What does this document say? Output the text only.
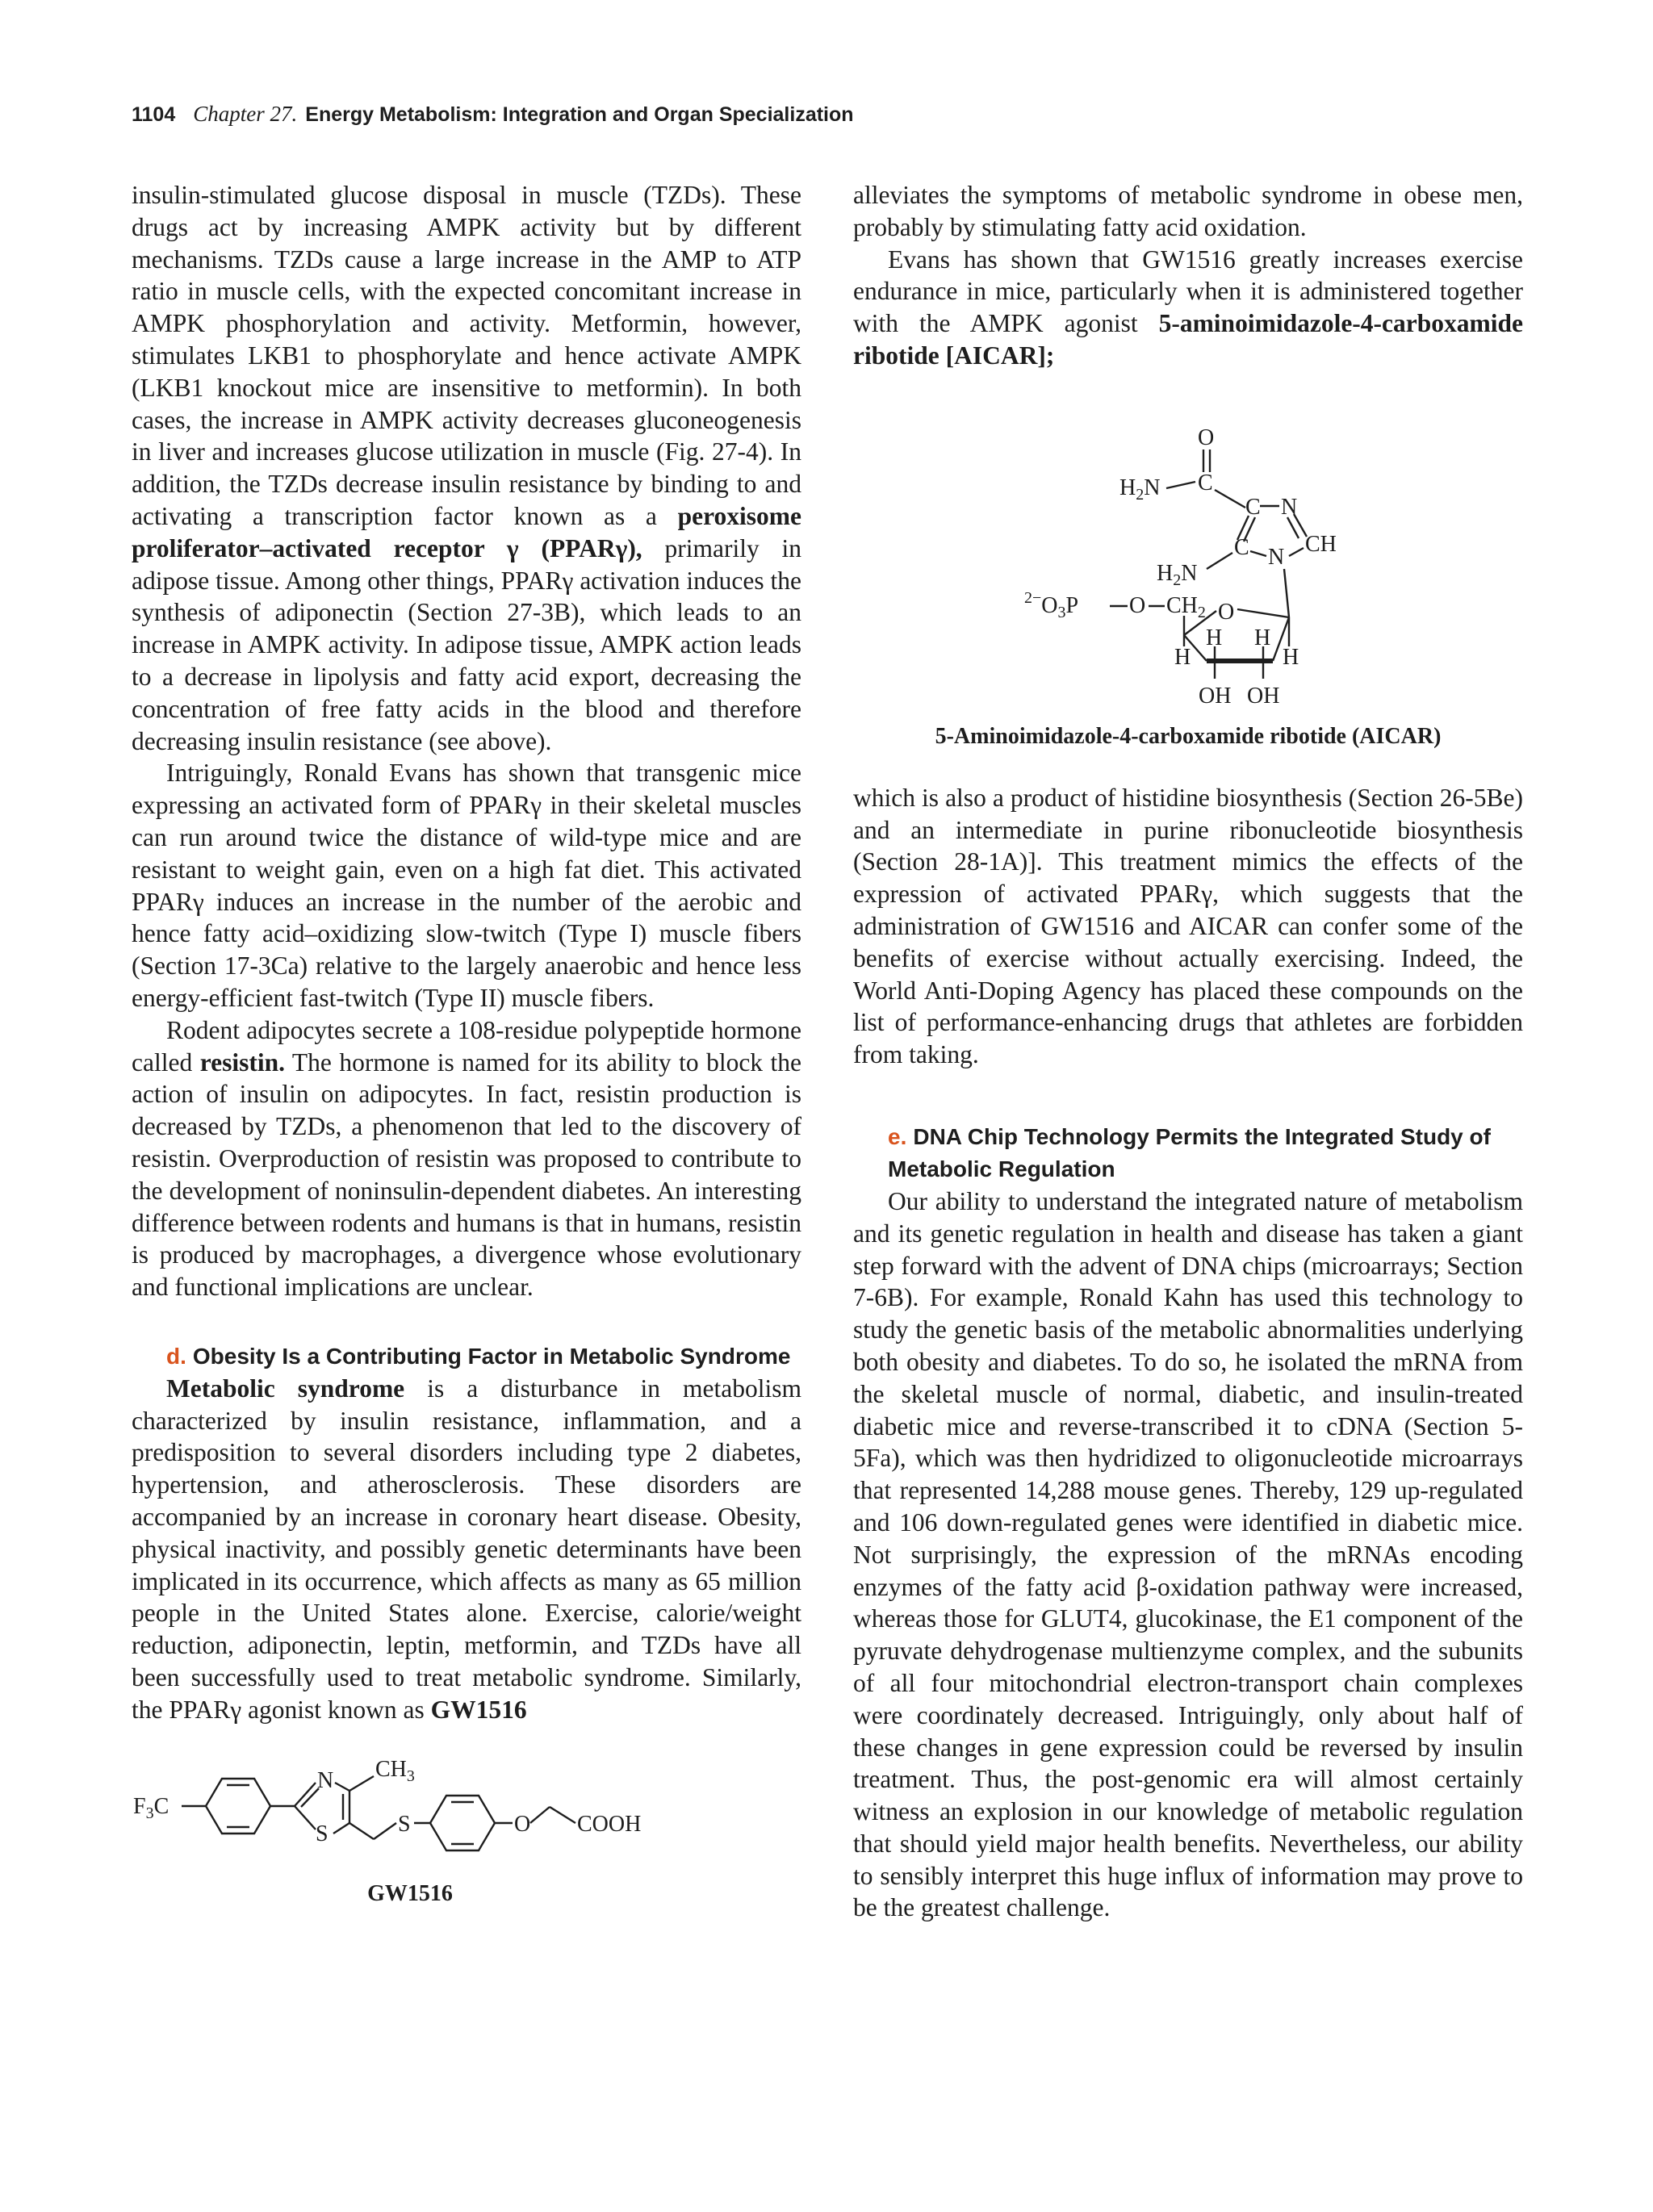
1104 Chapter 27. Energy Metabolism: Integration and Organ Specialization

insulin-stimulated glucose disposal in muscle (TZDs). These drugs act by increasing AMPK activity but by different mechanisms. TZDs cause a large increase in the AMP to ATP ratio in muscle cells, with the expected concomitant increase in AMPK phosphorylation and activity. Metformin, however, stimulates LKB1 to phosphorylate and hence activate AMPK (LKB1 knockout mice are insensitive to metformin). In both cases, the increase in AMPK activity decreases gluconeogenesis in liver and increases glucose utilization in muscle (Fig. 27-4). In addition, the TZDs decrease insulin resistance by binding to and activating a transcription factor known as a peroxisome proliferator–activated receptor γ (PPARγ), primarily in adipose tissue. Among other things, PPARγ activation induces the synthesis of adiponectin (Section 27-3B), which leads to an increase in AMPK activity. In adipose tissue, AMPK action leads to a decrease in lipolysis and fatty acid export, decreasing the concentration of free fatty acids in the blood and therefore decreasing insulin resistance (see above).

Intriguingly, Ronald Evans has shown that transgenic mice expressing an activated form of PPARγ in their skeletal muscles can run around twice the distance of wild-type mice and are resistant to weight gain, even on a high fat diet. This activated PPARγ induces an increase in the number of the aerobic and hence fatty acid–oxidizing slow-twitch (Type I) muscle fibers (Section 17-3Ca) relative to the largely anaerobic and hence less energy-efficient fast-twitch (Type II) muscle fibers.

Rodent adipocytes secrete a 108-residue polypeptide hormone called resistin. The hormone is named for its ability to block the action of insulin on adipocytes. In fact, resistin production is decreased by TZDs, a phenomenon that led to the discovery of resistin. Overproduction of resistin was proposed to contribute to the development of noninsulin-dependent diabetes. An interesting difference between rodents and humans is that in humans, resistin is produced by macrophages, a divergence whose evolutionary and functional implications are unclear.

d. Obesity Is a Contributing Factor in Metabolic Syndrome

Metabolic syndrome is a disturbance in metabolism characterized by insulin resistance, inflammation, and a predisposition to several disorders including type 2 diabetes, hypertension, and atherosclerosis. These disorders are accompanied by an increase in coronary heart disease. Obesity, physical inactivity, and possibly genetic determinants have been implicated in its occurrence, which affects as many as 65 million people in the United States alone. Exercise, calorie/weight reduction, adiponectin, leptin, metformin, and TZDs have all been successfully used to treat metabolic syndrome. Similarly, the PPARγ agonist known as GW1516

$F_3C$
N
S
$CH_3$
S	O COOH
GW1516

alleviates the symptoms of metabolic syndrome in obese men, probably by stimulating fatty acid oxidation.

Evans has shown that GW1516 greatly increases exercise endurance in mice, particularly when it is administered together with the AMPK agonist 5-aminoimidazole-4-carboxamide ribotide [AICAR];

O
C
$H_2N$
C N
C N
CH
$H_2N$
$^{2-}O_3P$ O $CH_2$ O
H H
H	H
OH OH
5-Aminoimidazole-4-carboxamide ribotide (AICAR)

which is also a product of histidine biosynthesis (Section 26-5Be) and an intermediate in purine ribonucleotide biosynthesis (Section 28-1A)]. This treatment mimics the effects of the expression of activated PPARγ, which suggests that the administration of GW1516 and AICAR can confer some of the benefits of exercise without actually exercising. Indeed, the World Anti-Doping Agency has placed these compounds on the list of performance-enhancing drugs that athletes are forbidden from taking.

e. DNA Chip Technology Permits the Integrated Study of Metabolic Regulation

Our ability to understand the integrated nature of metabolism and its genetic regulation in health and disease has taken a giant step forward with the advent of DNA chips (microarrays; Section 7-6B). For example, Ronald Kahn has used this technology to study the genetic basis of the metabolic abnormalities underlying both obesity and diabetes. To do so, he isolated the mRNA from the skeletal muscle of normal, diabetic, and insulin-treated diabetic mice and reverse-transcribed it to cDNA (Section 5-5Fa), which was then hydridized to oligonucleotide microarrays that represented 14,288 mouse genes. Thereby, 129 up-regulated and 106 down-regulated genes were identified in diabetic mice. Not surprisingly, the expression of the mRNAs encoding enzymes of the fatty acid β-oxidation pathway were increased, whereas those for GLUT4, glucokinase, the E1 component of the pyruvate dehydrogenase multienzyme complex, and the subunits of all four mitochondrial electron-transport chain complexes were coordinately decreased. Intriguingly, only about half of these changes in gene expression could be reversed by insulin treatment. Thus, the post-genomic era will almost certainly witness an explosion in our knowledge of metabolic regulation that should yield major health benefits. Nevertheless, our ability to sensibly interpret this huge influx of information may prove to be the greatest challenge.
